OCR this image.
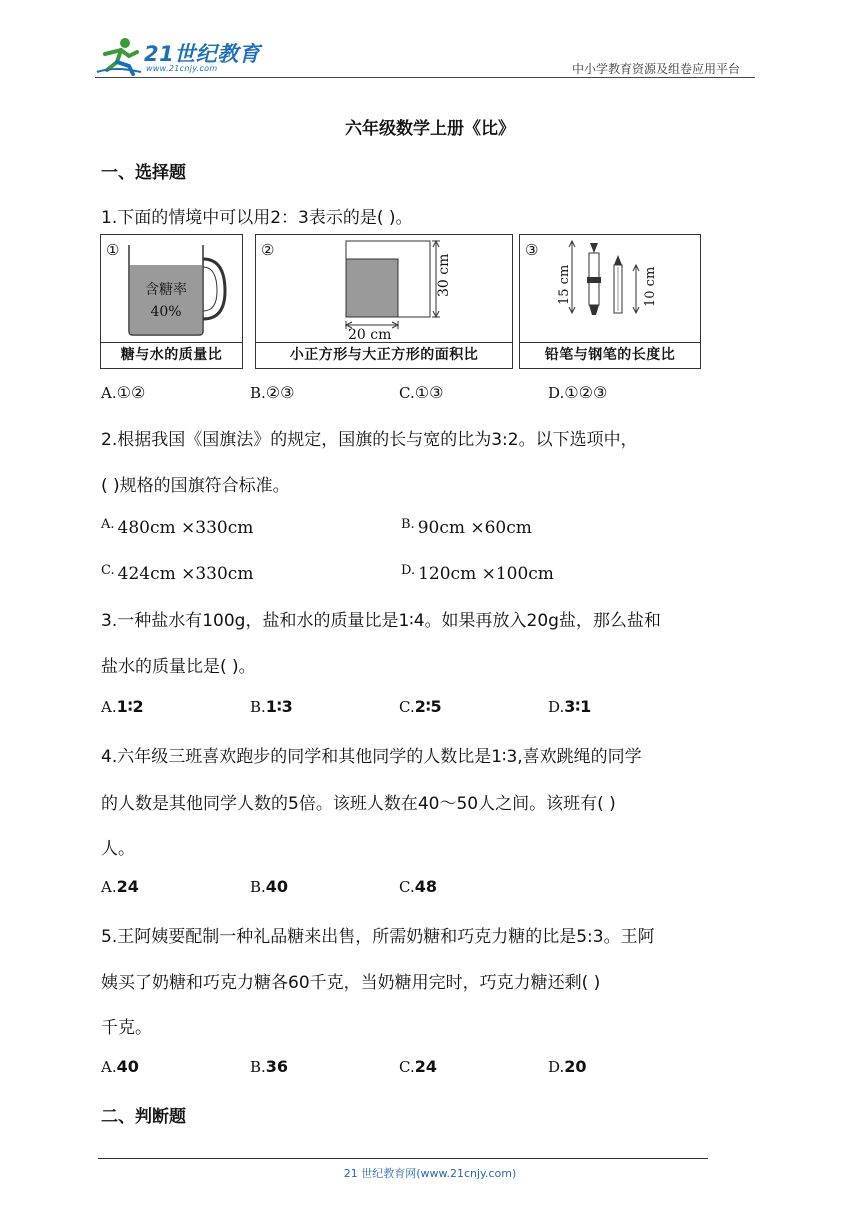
21世纪教育
www.21cnjy.com	中小学教育资源及组卷应用平台
六年级数学上册《比》
一、选择题
1.下面的情境中可以用2：3表示的是( )。
①
含糖率
40%
糖与水的质量比
②
30 cm
20 cm
小正方形与大正方形的面积比
③
15 cm	10 cm
铅笔与钢笔的长度比
A.①②	B.②③	C.①③	D.①②③
2.根据我国《国旗法》的规定，国旗的长与宽的比为3:2。以下选项中，
( )规格的国旗符合标准。
$^{A.}$ 480cm ×330cm	$^{B.}$ 90cm ×60cm
$^{C.}$ 424cm ×330cm	$^{D.}$ 120cm ×100cm
3.一种盐水有100g，盐和水的质量比是1∶4。如果再放入20g盐，那么盐和
盐水的质量比是( )。
A.1∶2	B.1∶3	C.2∶5	D.3∶1
4.六年级三班喜欢跑步的同学和其他同学的人数比是1∶3,喜欢跳绳的同学
的人数是其他同学人数的5倍。该班人数在40～50人之间。该班有( )
人。
A.24	B.40	C.48
5.王阿姨要配制一种礼品糖来出售，所需奶糖和巧克力糖的比是5:3。王阿
姨买了奶糖和巧克力糖各60千克，当奶糖用完时，巧克力糖还剩( )
千克。
A.40	B.36	C.24	D.20
二、判断题
21 世纪教育网(www.21cnjy.com)
